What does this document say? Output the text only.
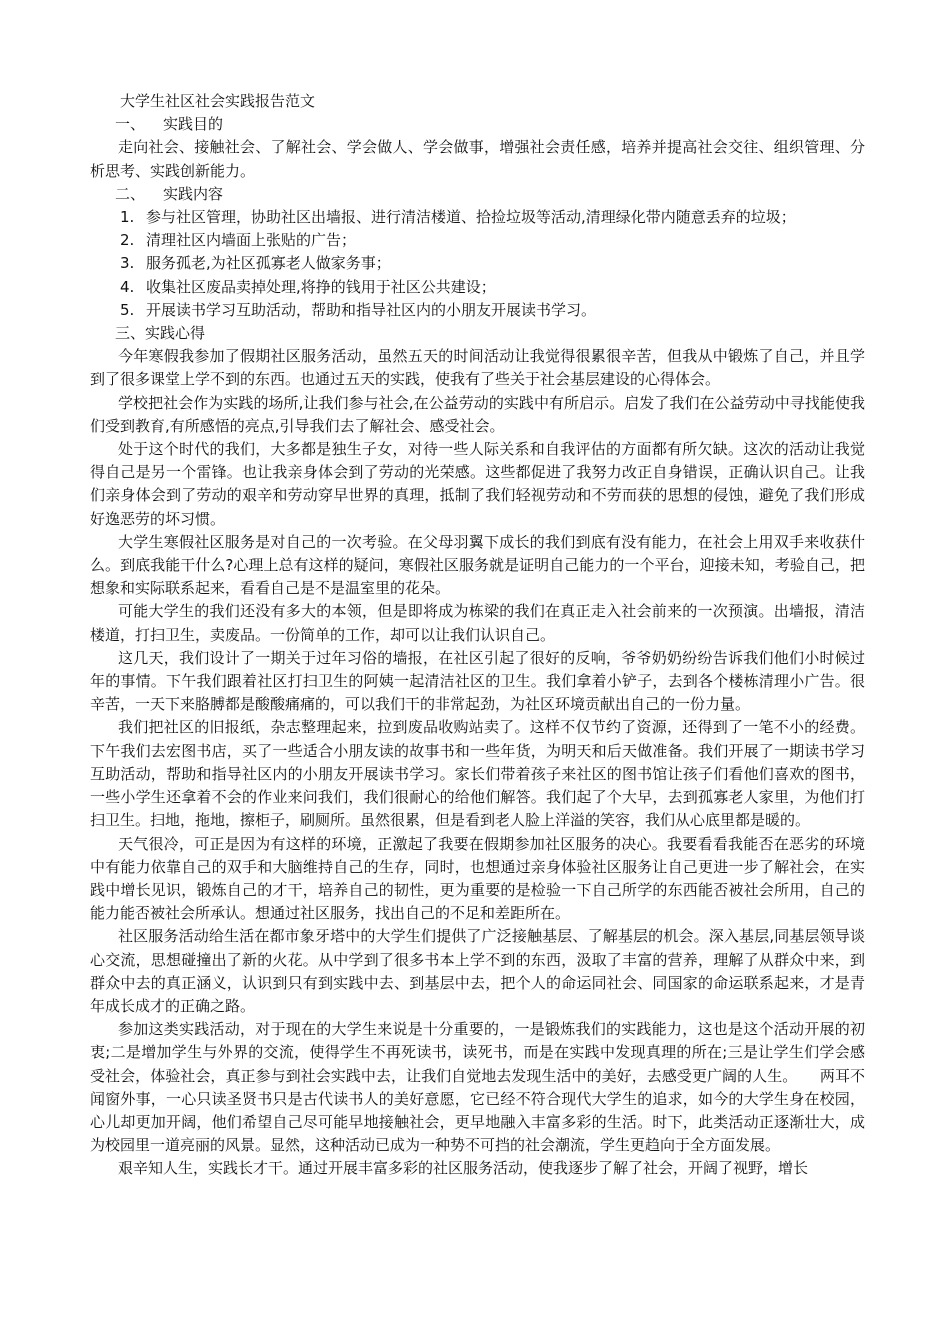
大学生社区社会实践报告范文

一、 实践目的

走向社会、接触社会、了解社会、学会做人、学会做事，增强社会责任感，培养并提高社会交往、组织管理、分析思考、实践创新能力。

二、 实践内容

1. 参与社区管理，协助社区出墙报、进行清洁楼道、拾捡垃圾等活动,清理绿化带内随意丢弃的垃圾；
2. 清理社区内墙面上张贴的广告；
3. 服务孤老,为社区孤寡老人做家务事；
4. 收集社区废品卖掉处理,将挣的钱用于社区公共建设；
5. 开展读书学习互助活动，帮助和指导社区内的小朋友开展读书学习。

三、实践心得

今年寒假我参加了假期社区服务活动，虽然五天的时间活动让我觉得很累很辛苦，但我从中锻炼了自己，并且学到了很多课堂上学不到的东西。也通过五天的实践，使我有了些关于社会基层建设的心得体会。

学校把社会作为实践的场所,让我们参与社会,在公益劳动的实践中有所启示。启发了我们在公益劳动中寻找能使我们受到教育,有所感悟的亮点,引导我们去了解社会、感受社会。

处于这个时代的我们，大多都是独生子女，对待一些人际关系和自我评估的方面都有所欠缺。这次的活动让我觉得自己是另一个雷锋。也让我亲身体会到了劳动的光荣感。这些都促进了我努力改正自身错误，正确认识自己。让我们亲身体会到了劳动的艰辛和劳动穿早世界的真理，抵制了我们轻视劳动和不劳而获的思想的侵蚀，避免了我们形成好逸恶劳的坏习惯。

大学生寒假社区服务是对自己的一次考验。在父母羽翼下成长的我们到底有没有能力，在社会上用双手来收获什么。到底我能干什么?心理上总有这样的疑问，寒假社区服务就是证明自己能力的一个平台，迎接未知，考验自己，把想象和实际联系起来，看看自己是不是温室里的花朵。

可能大学生的我们还没有多大的本领，但是即将成为栋梁的我们在真正走入社会前来的一次预演。出墙报，清洁楼道，打扫卫生，卖废品。一份简单的工作，却可以让我们认识自己。

这几天，我们设计了一期关于过年习俗的墙报，在社区引起了很好的反响，爷爷奶奶纷纷告诉我们他们小时候过年的事情。下午我们跟着社区打扫卫生的阿姨一起清洁社区的卫生。我们拿着小铲子，去到各个楼栋清理小广告。很辛苦，一天下来胳膊都是酸酸痛痛的，可以我们干的非常起劲，为社区环境贡献出自己的一份力量。

我们把社区的旧报纸，杂志整理起来，拉到废品收购站卖了。这样不仅节约了资源，还得到了一笔不小的经费。下午我们去宏图书店，买了一些适合小朋友读的故事书和一些年货，为明天和后天做准备。我们开展了一期读书学习互助活动，帮助和指导社区内的小朋友开展读书学习。家长们带着孩子来社区的图书馆让孩子们看他们喜欢的图书，一些小学生还拿着不会的作业来问我们，我们很耐心的给他们解答。我们起了个大早，去到孤寡老人家里，为他们打扫卫生。扫地，拖地，擦柜子，刷厕所。虽然很累，但是看到老人脸上洋溢的笑容，我们从心底里都是暖的。

天气很冷，可正是因为有这样的环境，正激起了我要在假期参加社区服务的决心。我要看看我能否在恶劣的环境中有能力依靠自己的双手和大脑维持自己的生存，同时，也想通过亲身体验社区服务让自己更进一步了解社会，在实践中增长见识，锻炼自己的才干，培养自己的韧性，更为重要的是检验一下自己所学的东西能否被社会所用，自己的能力能否被社会所承认。想通过社区服务，找出自己的不足和差距所在。

社区服务活动给生活在都市象牙塔中的大学生们提供了广泛接触基层、了解基层的机会。深入基层,同基层领导谈心交流，思想碰撞出了新的火花。从中学到了很多书本上学不到的东西，汲取了丰富的营养，理解了从群众中来，到群众中去的真正涵义，认识到只有到实践中去、到基层中去，把个人的命运同社会、同国家的命运联系起来，才是青年成长成才的正确之路。

参加这类实践活动，对于现在的大学生来说是十分重要的，一是锻炼我们的实践能力，这也是这个活动开展的初衷;二是增加学生与外界的交流，使得学生不再死读书，读死书，而是在实践中发现真理的所在;三是让学生们学会感受社会，体验社会，真正参与到社会实践中去，让我们自觉地去发现生活中的美好，去感受更广阔的人生。　　两耳不闻窗外事，一心只读圣贤书只是古代读书人的美好意愿，它已经不符合现代大学生的追求，如今的大学生身在校园，心儿却更加开阔，他们希望自己尽可能早地接触社会，更早地融入丰富多彩的生活。时下，此类活动正逐渐壮大，成为校园里一道亮丽的风景。显然，这种活动已成为一种势不可挡的社会潮流，学生更趋向于全方面发展。

艰辛知人生，实践长才干。通过开展丰富多彩的社区服务活动，使我逐步了解了社会，开阔了视野，增长
